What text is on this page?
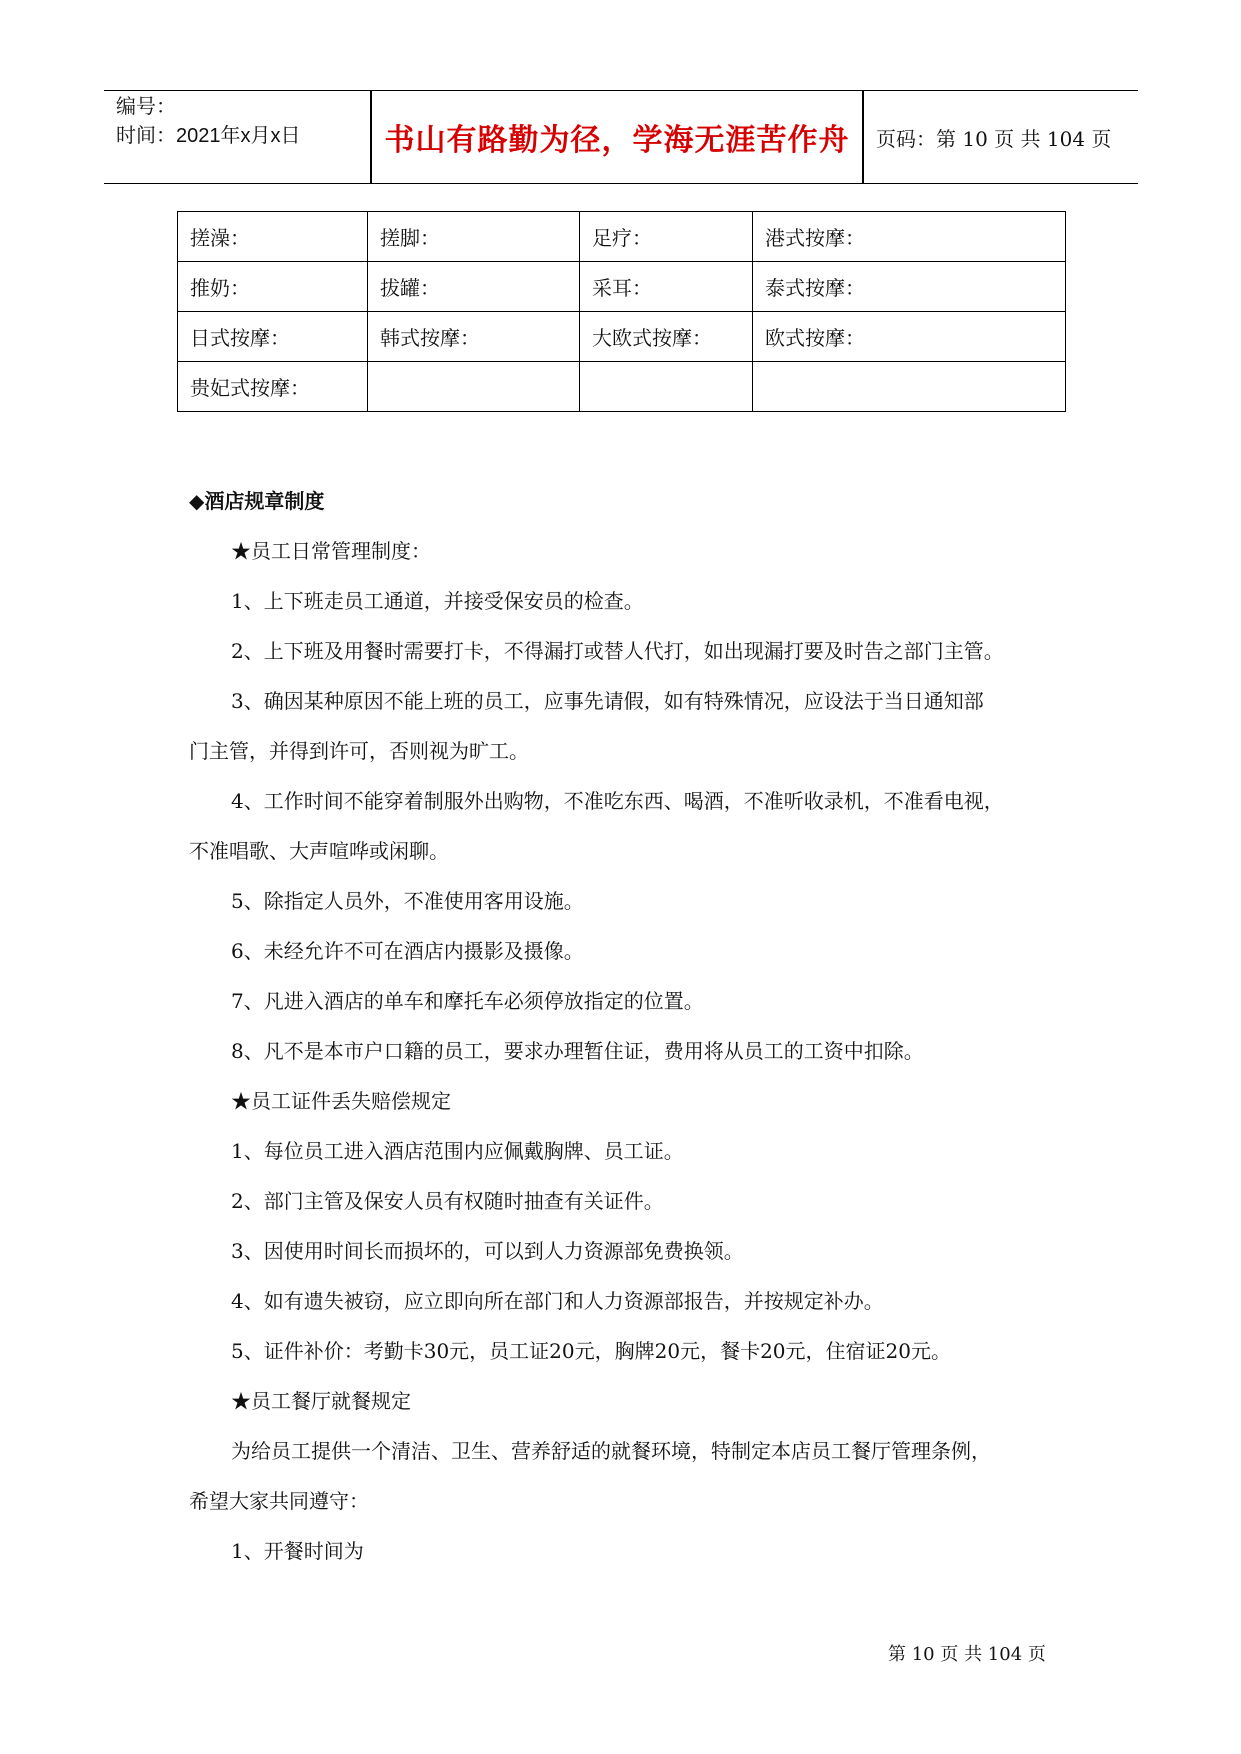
编号：
时间：2021年x月x日	书山有路勤为径，学海无涯苦作舟	页码：第 10 页 共 104 页
搓澡：	搓脚：	足疗：	港式按摩：
推奶：	拔罐：	采耳：	泰式按摩：
日式按摩：	韩式按摩：	大欧式按摩：	欧式按摩：
贵妃式按摩：			
◆酒店规章制度
★员工日常管理制度：
1、上下班走员工通道，并接受保安员的检查。
2、上下班及用餐时需要打卡，不得漏打或替人代打，如出现漏打要及时告之部门主管。
3、确因某种原因不能上班的员工，应事先请假，如有特殊情况，应设法于当日通知部
门主管，并得到许可，否则视为旷工。
4、工作时间不能穿着制服外出购物，不准吃东西、喝酒，不准听收录机，不准看电视，
不准唱歌、大声喧哗或闲聊。
5、除指定人员外，不准使用客用设施。
6、未经允许不可在酒店内摄影及摄像。
7、凡进入酒店的单车和摩托车必须停放指定的位置。
8、凡不是本市户口籍的员工，要求办理暂住证，费用将从员工的工资中扣除。
★员工证件丢失赔偿规定
1、每位员工进入酒店范围内应佩戴胸牌、员工证。
2、部门主管及保安人员有权随时抽查有关证件。
3、因使用时间长而损坏的，可以到人力资源部免费换领。
4、如有遗失被窃，应立即向所在部门和人力资源部报告，并按规定补办。
5、证件补价：考勤卡30元，员工证20元，胸牌20元，餐卡20元，住宿证20元。
★员工餐厅就餐规定
为给员工提供一个清洁、卫生、营养舒适的就餐环境，特制定本店员工餐厅管理条例，
希望大家共同遵守：
1、开餐时间为
第 10 页 共 104 页
